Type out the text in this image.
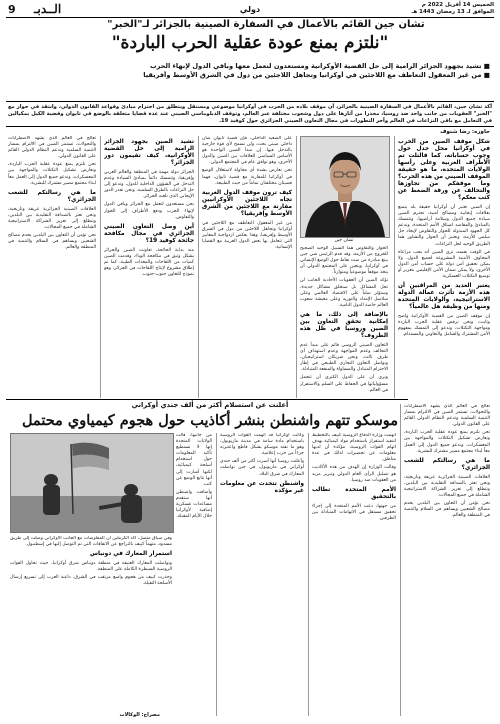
الخميس 14 أفريل 2022 م
الموافق لـ 13 رمضان 1443 هـ
دولي
الــدبـ
9
تشان جين القائم بالأعمال في السفارة الصينية بالجزائر لـ"الخبر"
"نلتزم بمنع عودة عقلية الحرب الباردة"
■ تشيد بجهود الجزائر الرامية إلى حل القضية الأوكرانية ومستعدون لنعمل معها وباقي الدول لإنهاء الحرب
■ من غير المعقول التعاطف مع اللاجئين في أوكرانيا وتجاهل اللاجئين من دول في الشرق الأوسط وأفريقيا
أكد تشان جين، القائم بالأعمال في السفارة الصينية بالجزائر، أن موقف بلاده من الحرب في أوكرانيا موضوعي ومستقل ويتطلق من احترام مبادئ وقواعد القانون الدولي، وانتقد في حوار مع "الخبر" العقوبات من جانب واحد ضد روسيا، محذرا من آثارها على دول وشعوب مختلفة عبر العالم، وتوقف الدبلوماسي الصيني عند عدة قضايا متعلقة بالوضع في تايوان وقضية الكيل بمكيالين في التعامل مع باقي النزاعات في العالم وآخر التطورات في مجال التعاون الصيني الجزائري حول كوفيد 19.
حاوره: رضا شنوف
تشان جين

شكل موقف الصين من الحرب في أوكرانيا محل جدل حول وجوب حساباته، كما قالتلت تم الأطراف الغربية وعلى رأسها الولايات المتحدة، ما هو حقيقة الموقف الصيني من هذه الحرب؟ وما موقفكم من تجاوزها والتحالف عن ورقة الضغط عن كثب معكم؟

إن الصين تعتبر أن أوكرانيا حقيقة بلد يتمتع بعلاقات إيجابية ومصالح أمنية، تحترم الصين سيادة جميع الدول وسلامة أراضيها، وتتمسك بالمبادئ والمقاصد لميثاق الأمم المتحدة، وندعم كل الجهود المبذولة للحوار والتفاوض لإيجاد حل سلمي للأزمة، ونعتبر أن الحوار والتشاور هما الطريق الوحيد لحل النزاعات.

في الوقت نفسه، ترى الصين أنه يجب مراعاة المخاوف الأمنية المشروعة لجميع الدول، ولا يمكن تحقيق أمن دولة على حساب أمن الدول الأخرى، ولا يمكن ضمان الأمن الإقليمي بتعزيز أو توسيع التكتلات العسكرية.

يعتبر العديد من المراقبين أن هذه الأزمة تأثرت عمالة الدولة الاستراتيجية، والولايات المتحدة ومنها من وظيفة هل عالمياً؟

إن موقف الصين من القضية الأوكرانية واضح وثابت، ونحن نرفض عقلية الحرب الباردة ومواجهة التكتلات، وندعو إلى التمسك بمفهوم الأمن المشترك والشامل والتعاوني والمستدام.

الحوار والتفاوض هما السبيل الوحيد الصحيح للخروج من الأزمة، وقد قدم الرئيس شي جين بينغ مبادرة من ست نقاط حول الوضع الإنساني في أوكرانيا، ويتعين على المجتمع الدولي أن يتخذ موقفاً موضوعياً ومتوازناً.

تؤكد الصين أن العقوبات الأحادية الجانب لن تحل المشاكل بل ستخلق مشاكل جديدة، وستؤثر سلباً على الاقتصاد العالمي وعلى سلاسل الإمداد والتوريد وعلى معيشة شعوب العالم خاصة الدول النامية.

بالإضافة إلى ذلك، ما هي إمكانية تحقق التعاون بين الصين وروسيا في ظل هذه الظروف؟

التعاون الصيني الروسي قائم على مبدأ عدم التحالف وعدم المواجهة وعدم استهداف أي طرف ثالث، ونحن شريكان استراتيجيان، ونواصل التعاون التجاري الطبيعي في إطار الاحترام المتبادل والمساواة والمنفعة المتبادلة.

ونرى أن على الدول الكبرى أن تتحمل مسؤولياتها في الحفاظ على السلم والاستقرار في العالم.

على الصعيد الداخلي، فإن قضية تايوان شأن داخلي صيني بحت، ولن نسمح لأي قوة خارجية بالتدخل فيها. إن مبدأ الصين الواحدة هو الأساس السياسي للعلاقات بين الصين والدول الأخرى، وهو توافق عام في المجتمع الدولي.

نحن نعارض بشدة أي محاولة لاستغلال الوضع في أوكرانيا للمقارنة مع قضية تايوان، فهما قضيتان مختلفتان تماماً من حيث الطبيعة.

كيف ترون موقف الدول الغربية تجاه اللاجئين الأوكرانيين مقارنة مع اللاجئين من الشرق الأوسط وإفريقيا؟

من غير المعقول التعاطف مع اللاجئين في أوكرانيا وتجاهل اللاجئين من دول في الشرق الأوسط وإفريقيا، وهذا يعكس ازدواجية المعايير التي تتعامل بها بعض الدول الغربية مع القضايا الإنسانية.

تشيد الصين بجهود الجزائر الرامية إلى حل القضية الأوكرانية، كيف تقيمون دور الجزائر؟

الجزائر دولة مهمة في المنطقة والعالم العربي وإفريقيا، وتتمسك دائماً بمبادئ السيادة وعدم التدخل في الشؤون الداخلية للدول، وتدعو إلى حل النزاعات بالطرق السلمية، ونحن نقدر الدور الإيجابي الذي تلعبه الجزائر.

نحن مستعدون لنعمل مع الجزائر وباقي الدول لإنهاء الحرب ودفع الأطراف إلى الحوار والتفاوض.

أين وصل التعاون الصيني الجزائري في مجال مكافحة جائحة كوفيد 19؟

منذ بداية الجائحة، تعاونت الصين والجزائر بشكل وثيق في مكافحة الوباء، وقدمت الصين كميات من اللقاحات والمعدات الطبية، كما تم إطلاق مشروع لإنتاج اللقاحات في الجزائر، وهو نموذج للتعاون جنوب-جنوب.

تعالج في العالم الذي يشهد الاضطرابات والتحولات، تستمر الصين في الالتزام بمسار التنمية السلمية وتدعم النظام الدولي القائم على القانون الدولي.

نحن نلتزم بمنع عودة عقلية الحرب الباردة، ونعارض تشكيل التكتلات والمواجهة بين المعسكرات، وندعو جميع الدول إلى العمل معاً لبناء مجتمع مصير مشترك للبشرية.

ما هي رسالتكم للشعب الجزائري؟

العلاقات الصينية الجزائرية عريقة وتاريخية، ونحن نعتز بالصداقة التقليدية بين البلدين، ونتطلع إلى تعزيز الشراكة الاستراتيجية الشاملة في جميع المجالات.

نحن نؤمن أن التعاون بين البلدين يخدم مصالح الشعبين ويساهم في السلام والتنمية في المنطقة والعالم.

أعلنت عن استسلام أكثر من ألف جندي أوكراني
موسكو تتهم واشنطن بنشر أكاذيب حول هجوم كيمياوي محتمل

تعالج في العالم الذي يشهد الاضطرابات والتحولات، تستمر الصين في الالتزام بمسار التنمية السلمية وتدعم النظام الدولي القائم على القانون الدولي.

نحن نلتزم بمنع عودة عقلية الحرب الباردة، ونعارض تشكيل التكتلات والمواجهة بين المعسكرات، وندعو جميع الدول إلى العمل معاً لبناء مجتمع مصير مشترك للبشرية.

ما هي رسالتكم للشعب الجزائري؟

العلاقات الصينية الجزائرية عريقة وتاريخية، ونحن نعتز بالصداقة التقليدية بين البلدين، ونتطلع إلى تعزيز الشراكة الاستراتيجية الشاملة في جميع المجالات.

نحن نؤمن أن التعاون بين البلدين يخدم مصالح الشعبين ويساهم في السلام والتنمية في المنطقة والعالم.

اتهمت وزارة الدفاع الروسية كييف بالتخطيط لتنفيذ استفزاز باستخدام مواد كيميائية بهدف اتهام القوات الروسية، مؤكدة أن لديها معلومات عن تحضيرات لذلك في عدة مناطق.

وقالت الوزارة إن الهدف من هذه الأكاذيب هو تضليل الرأي العام الدولي وتبرير مزيد من العقوبات ضد روسيا.

الأمم المتحدة تطالب بالتحقيق

من جهتها، دعت الأمم المتحدة إلى إجراء تحقيق مستقل في الاتهامات المتبادلة بين الطرفين.

وكانت أوكرانيا قد اتهمت القوات الروسية باستخدام مادة سامة في مدينة ماريوبول، وهو ما نفته موسكو بشكل قاطع واعتبرته جزءاً من حرب إعلامية.

وأعلنت روسيا أنها أسرت أكثر من ألف جندي أوكراني في ماريوبول، في حين تواصلت المعارك في شرق البلاد.

واشنطن تتحدث عن معلومات غير مؤكدة

من جانبها، قالت الولايات المتحدة إنها لا تستطيع تأكيد المعلومات حول استخدام أسلحة كيميائية، لكنها أشارت إلى أنها تتابع الوضع عن كثب.

وأضافت واشنطن أنها ستقدم مساعدات عسكرية إضافية لأوكرانيا خلال الأيام المقبلة.

وفي سياق متصل، أكد الكرملين أن المفاوضات مع الجانب الأوكراني وصلت إلى طريق مسدود، متهماً كييف بالتراجع عن الاتفاقات التي تم التوصل إليها في إسطنبول.

استمرار المعارك في دونباس

وتواصلت المعارك العنيفة في منطقة دونباس شرق أوكرانيا، حيث تحاول القوات الروسية السيطرة الكاملة على المنطقة.

وحذرت كييف من هجوم واسع مرتقب في الشرق، داعية الغرب إلى تسريع إرسال الأسلحة الثقيلة.

مصراح: الوكالات
